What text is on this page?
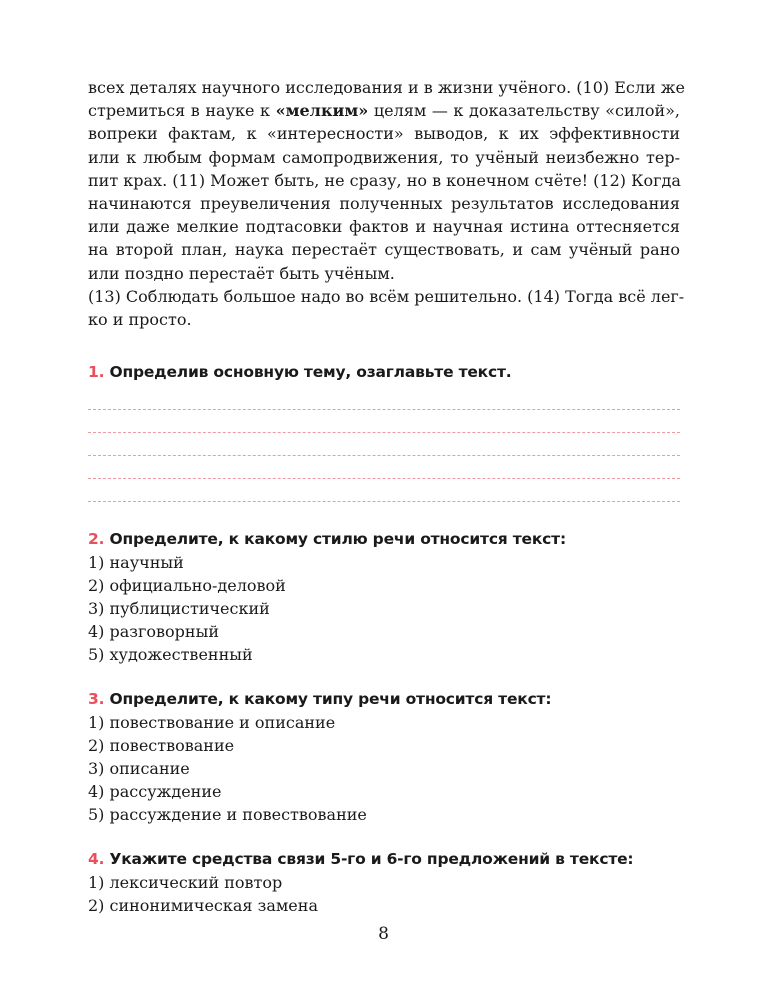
всех деталях научного исследования и в жизни учёного. (10) Если же
стремиться в науке к «мелким» целям — к доказательству «силой»,
вопреки фактам, к «интересности» выводов, к их эффективности
или к любым формам самопродвижения, то учёный неизбежно тер-
пит крах. (11) Может быть, не сразу, но в конечном счёте! (12) Когда
начинаются преувеличения полученных результатов исследования
или даже мелкие подтасовки фактов и научная истина оттесняется
на второй план, наука перестаёт существовать, и сам учёный рано
или поздно перестаёт быть учёным.
(13) Соблюдать большое надо во всём решительно. (14) Тогда всё лег-
ко и просто.

1. Определив основную тему, озаглавьте текст.

2. Определите, к какому стилю речи относится текст:

1) научный
2) официально-деловой
3) публицистический
4) разговорный
5) художественный

3. Определите, к какому типу речи относится текст:

1) повествование и описание
2) повествование
3) описание
4) рассуждение
5) рассуждение и повествование

4. Укажите средства связи 5-го и 6-го предложений в тексте:

1) лексический повтор
2) синонимическая замена
8
